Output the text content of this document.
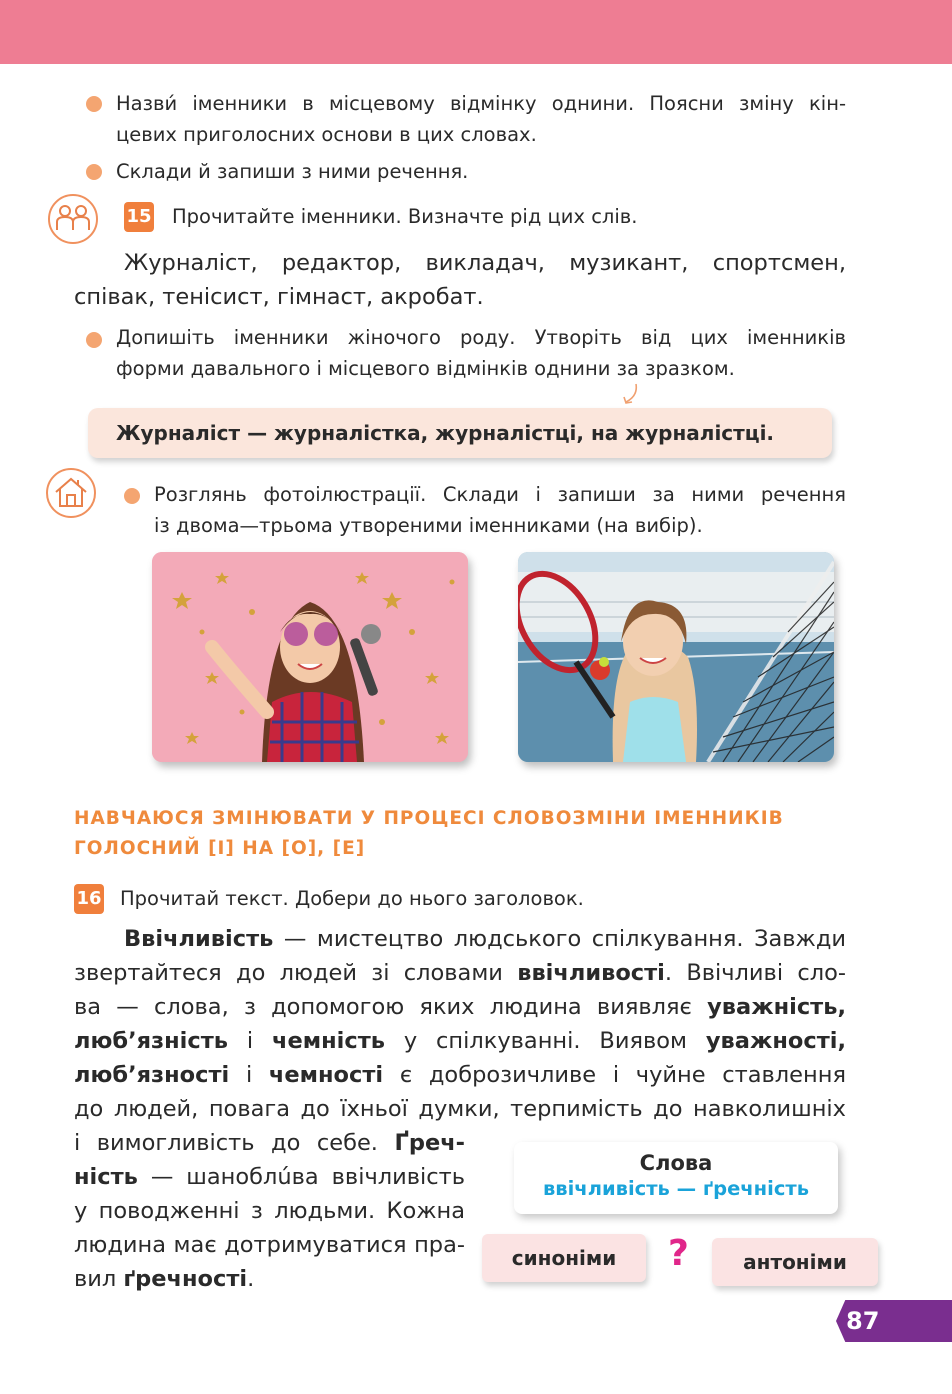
Назви́ іменники в місцевому відмінку однини. Поясни зміну кін-
цевих приголосних основи в цих словах.
Склади й запиши з ними речення.
15 Прочитайте іменники. Визначте рід цих слів.
Журналіст, редактор, викладач, музикант, спортсмен,
співак, тенісист, гімнаст, акробат.
Допишіть іменники жіночого роду. Утворіть від цих іменників
форми давального і місцевого відмінків однини за зразком.
Журналіст — журналістка, журналістці, на журналістці.
Розглянь фотоілюстрації. Склади і запиши за ними речення
із двома—трьома утвореними іменниками (на вибір).
НАВЧАЮСЯ ЗМІНЮВАТИ У ПРОЦЕСІ СЛОВОЗМІНИ ІМЕННИКІВ
ГОЛОСНИЙ [І] НА [О], [Е]
16 Прочитай текст. Добери до нього заголовок.
Ввічливість — мистецтво людського спілкування. Завжди
звертайтеся до людей зі словами ввічливості. Ввічливі сло-
ва — слова, з допомогою яких людина виявляє уважність,
люб’язність і чемність у спілкуванні. Виявом уважності,
люб’язності і чемності є доброзичливе і чуйне ставлення
до людей, повага до їхньої думки, терпимість до навколишніх
і вимогливість до себе. Ґреч-
ність — шаноблúва ввічливість
у поводженні з людьми. Кожна
людина має дотримуватися пра-
вил ґречності.
Слова
ввічливість — ґречність
синоніми	?	антоніми
87
